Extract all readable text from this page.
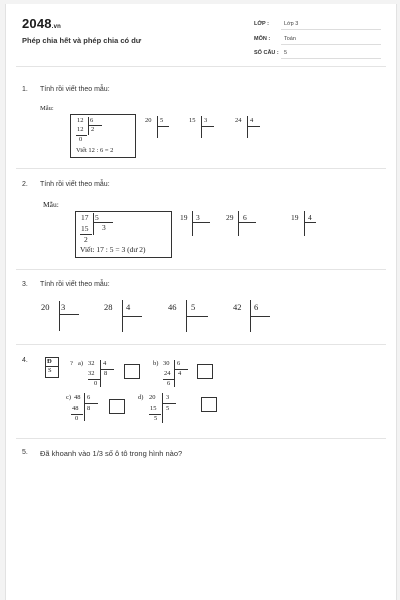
2048.vn
Phép chia hết và phép chia có dư
LỚP :	Lớp 3
MÔN :	Toán
SỐ CÂU : 5
1. Tính rồi viết theo mẫu:
Mẫu:
12 6
12 2
0
Viết 12 : 6 = 2
20 5	15 3	24 4
2. Tính rồi viết theo mẫu:
Mẫu:
17 5
15 3
2
Viết: 17 : 5 = 3 (dư 2)
19 3	29 6	19 4
3. Tính rồi viết theo mẫu:
20 3	28 4	46 5	42 6
4.	Đ
S
? a) 32 4
32 8
0
b) 30 6
24 4
6
c) 48 6
48 8
0
d) 20 3
15 5
5
5. Đã khoanh vào 1/3 số ô tô trong hình nào?
